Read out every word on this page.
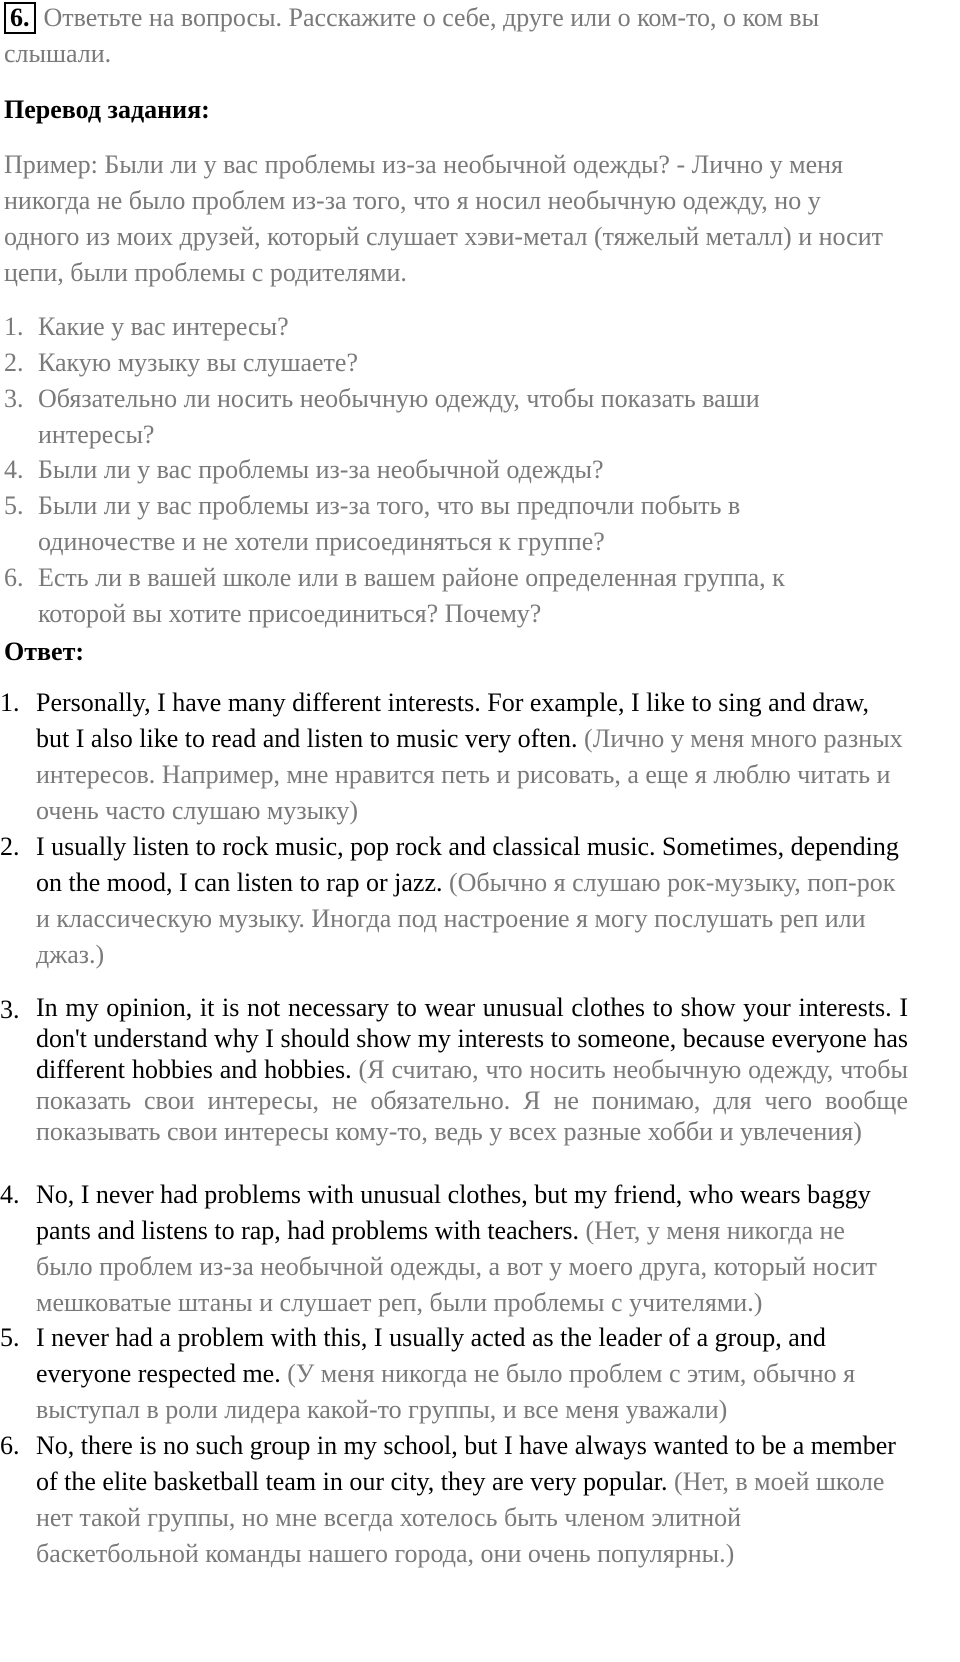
6. Ответьте на вопросы. Расскажите о себе, друге или о ком-то, о ком вы слышали.
Перевод задания:
Пример: Были ли у вас проблемы из-за необычной одежды? - Лично у меня никогда не было проблем из-за того, что я носил необычную одежду, но у одного из моих друзей, который слушает хэви-метал (тяжелый металл) и носит цепи, были проблемы с родителями.
1. Какие у вас интересы?
2. Какую музыку вы слушаете?
3. Обязательно ли носить необычную одежду, чтобы показать ваши интересы?
4. Были ли у вас проблемы из-за необычной одежды?
5. Были ли у вас проблемы из-за того, что вы предпочли побыть в одиночестве и не хотели присоединяться к группе?
6. Есть ли в вашей школе или в вашем районе определенная группа, к которой вы хотите присоединиться? Почему?
Ответ:
1. Personally, I have many different interests. For example, I like to sing and draw, but I also like to read and listen to music very often. (Лично у меня много разных интересов. Например, мне нравится петь и рисовать, а еще я люблю читать и очень часто слушаю музыку)
2. I usually listen to rock music, pop rock and classical music. Sometimes, depending on the mood, I can listen to rap or jazz. (Обычно я слушаю рок-музыку, поп-рок и классическую музыку. Иногда под настроение я могу послушать реп или джаз.)
3. In my opinion, it is not necessary to wear unusual clothes to show your interests. I don't understand why I should show my interests to someone, because everyone has different hobbies and hobbies. (Я считаю, что носить необычную одежду, чтобы показать свои интересы, не обязательно. Я не понимаю, для чего вообще показывать свои интересы кому-то, ведь у всех разные хобби и увлечения)
4. No, I never had problems with unusual clothes, but my friend, who wears baggy pants and listens to rap, had problems with teachers. (Нет, у меня никогда не было проблем из-за необычной одежды, а вот у моего друга, который носит мешковатые штаны и слушает реп, были проблемы с учителями.)
5. I never had a problem with this, I usually acted as the leader of a group, and everyone respected me. (У меня никогда не было проблем с этим, обычно я выступал в роли лидера какой-то группы, и все меня уважали)
6. No, there is no such group in my school, but I have always wanted to be a member of the elite basketball team in our city, they are very popular. (Нет, в моей школе нет такой группы, но мне всегда хотелось быть членом элитной баскетбольной команды нашего города, они очень популярны.)
